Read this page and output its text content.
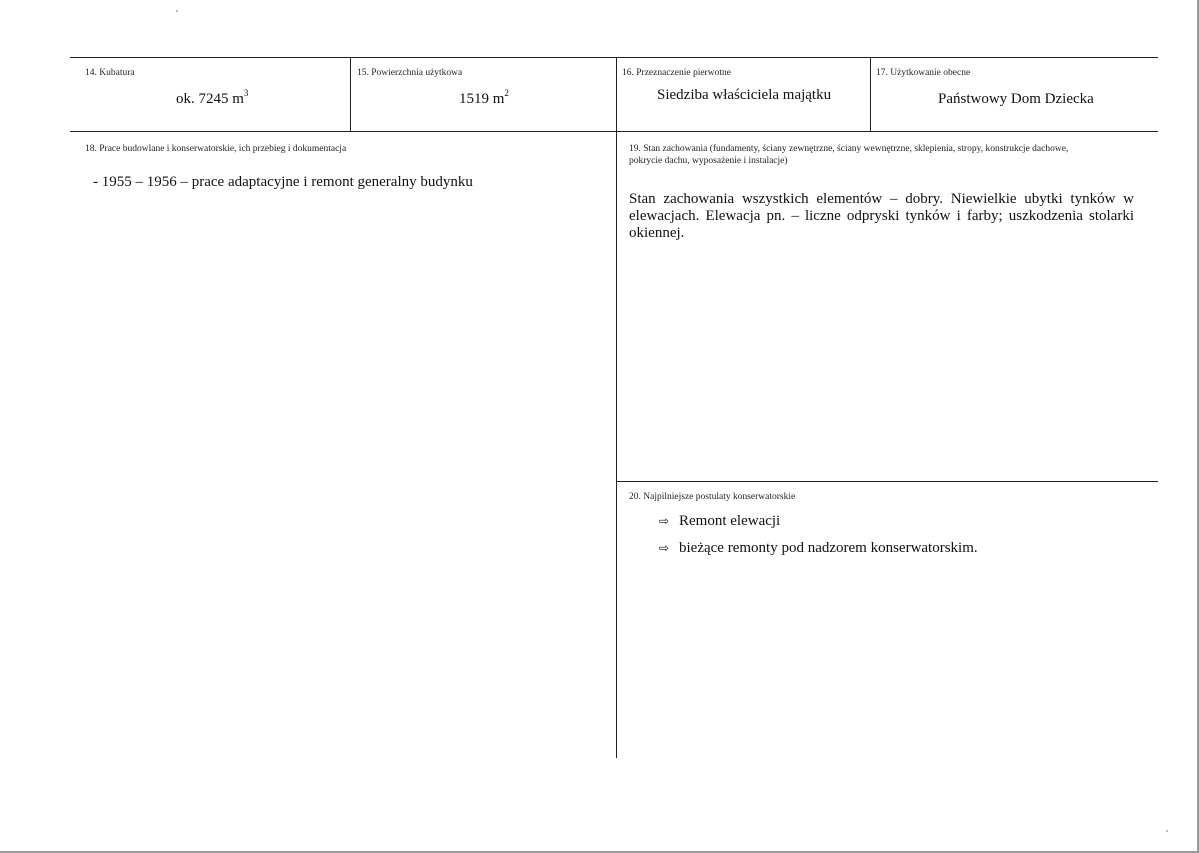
14. Kubatura
ok. 7245 $m^3$
15. Powierzchnia użytkowa
1519 $m^2$
16. Przeznaczenie pierwotne
Siedziba właściciela majątku
17. Użytkowanie obecne
Państwowy Dom Dziecka
18. Prace budowlane i konserwatorskie, ich przebieg i dokumentacja
- 1955 – 1956 – prace adaptacyjne i remont generalny budynku
19. Stan zachowania (fundamenty, ściany zewnętrzne, ściany wewnętrzne, sklepienia, stropy, konstrukcje dachowe,
pokrycie dachu, wyposażenie i instalacje)
Stan zachowania wszystkich elementów – dobry. Niewielkie ubytki tynków w elewacjach. Elewacja pn. – liczne odpryski tynków i farby; uszkodzenia stolarki okiennej.
20. Najpilniejsze postulaty konserwatorskie
⇨ Remont elewacji
⇨ bieżące remonty pod nadzorem konserwatorskim.
